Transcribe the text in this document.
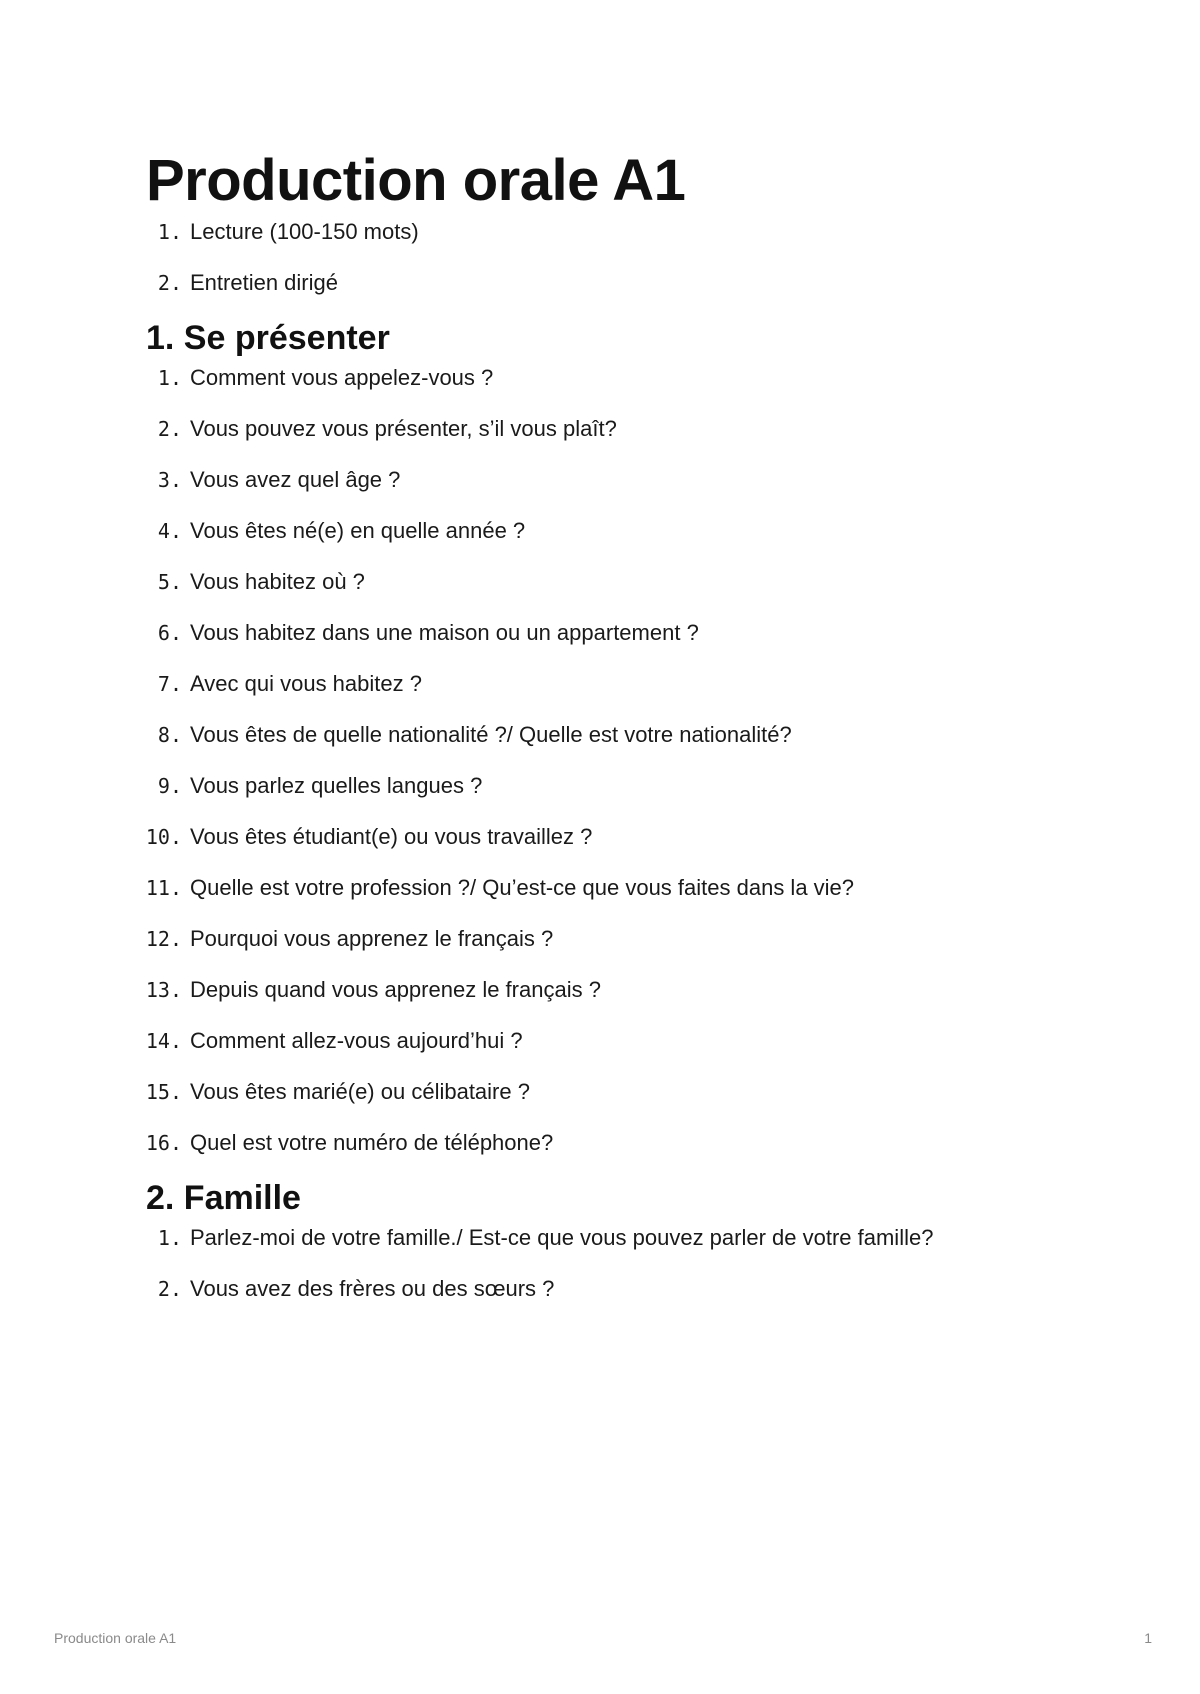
Production orale A1
1. Lecture (100-150 mots)
2. Entretien dirigé
1. Se présenter
1. Comment vous appelez-vous ?
2. Vous pouvez vous présenter, s’il vous plaît?
3. Vous avez quel âge ?
4. Vous êtes né(e) en quelle année ?
5. Vous habitez où ?
6. Vous habitez dans une maison ou un appartement ?
7. Avec qui vous habitez ?
8. Vous êtes de quelle nationalité ?/ Quelle est votre nationalité?
9. Vous parlez quelles langues ?
10. Vous êtes étudiant(e) ou vous travaillez ?
11. Quelle est votre profession ?/ Qu’est-ce que vous faites dans la vie?
12. Pourquoi vous apprenez le français ?
13. Depuis quand vous apprenez le français ?
14. Comment allez-vous aujourd’hui ?
15. Vous êtes marié(e) ou célibataire ?
16. Quel est votre numéro de téléphone?
2. Famille
1. Parlez-moi de votre famille./ Est-ce que vous pouvez parler de votre famille?
2. Vous avez des frères ou des sœurs ?
Production orale A1	1
